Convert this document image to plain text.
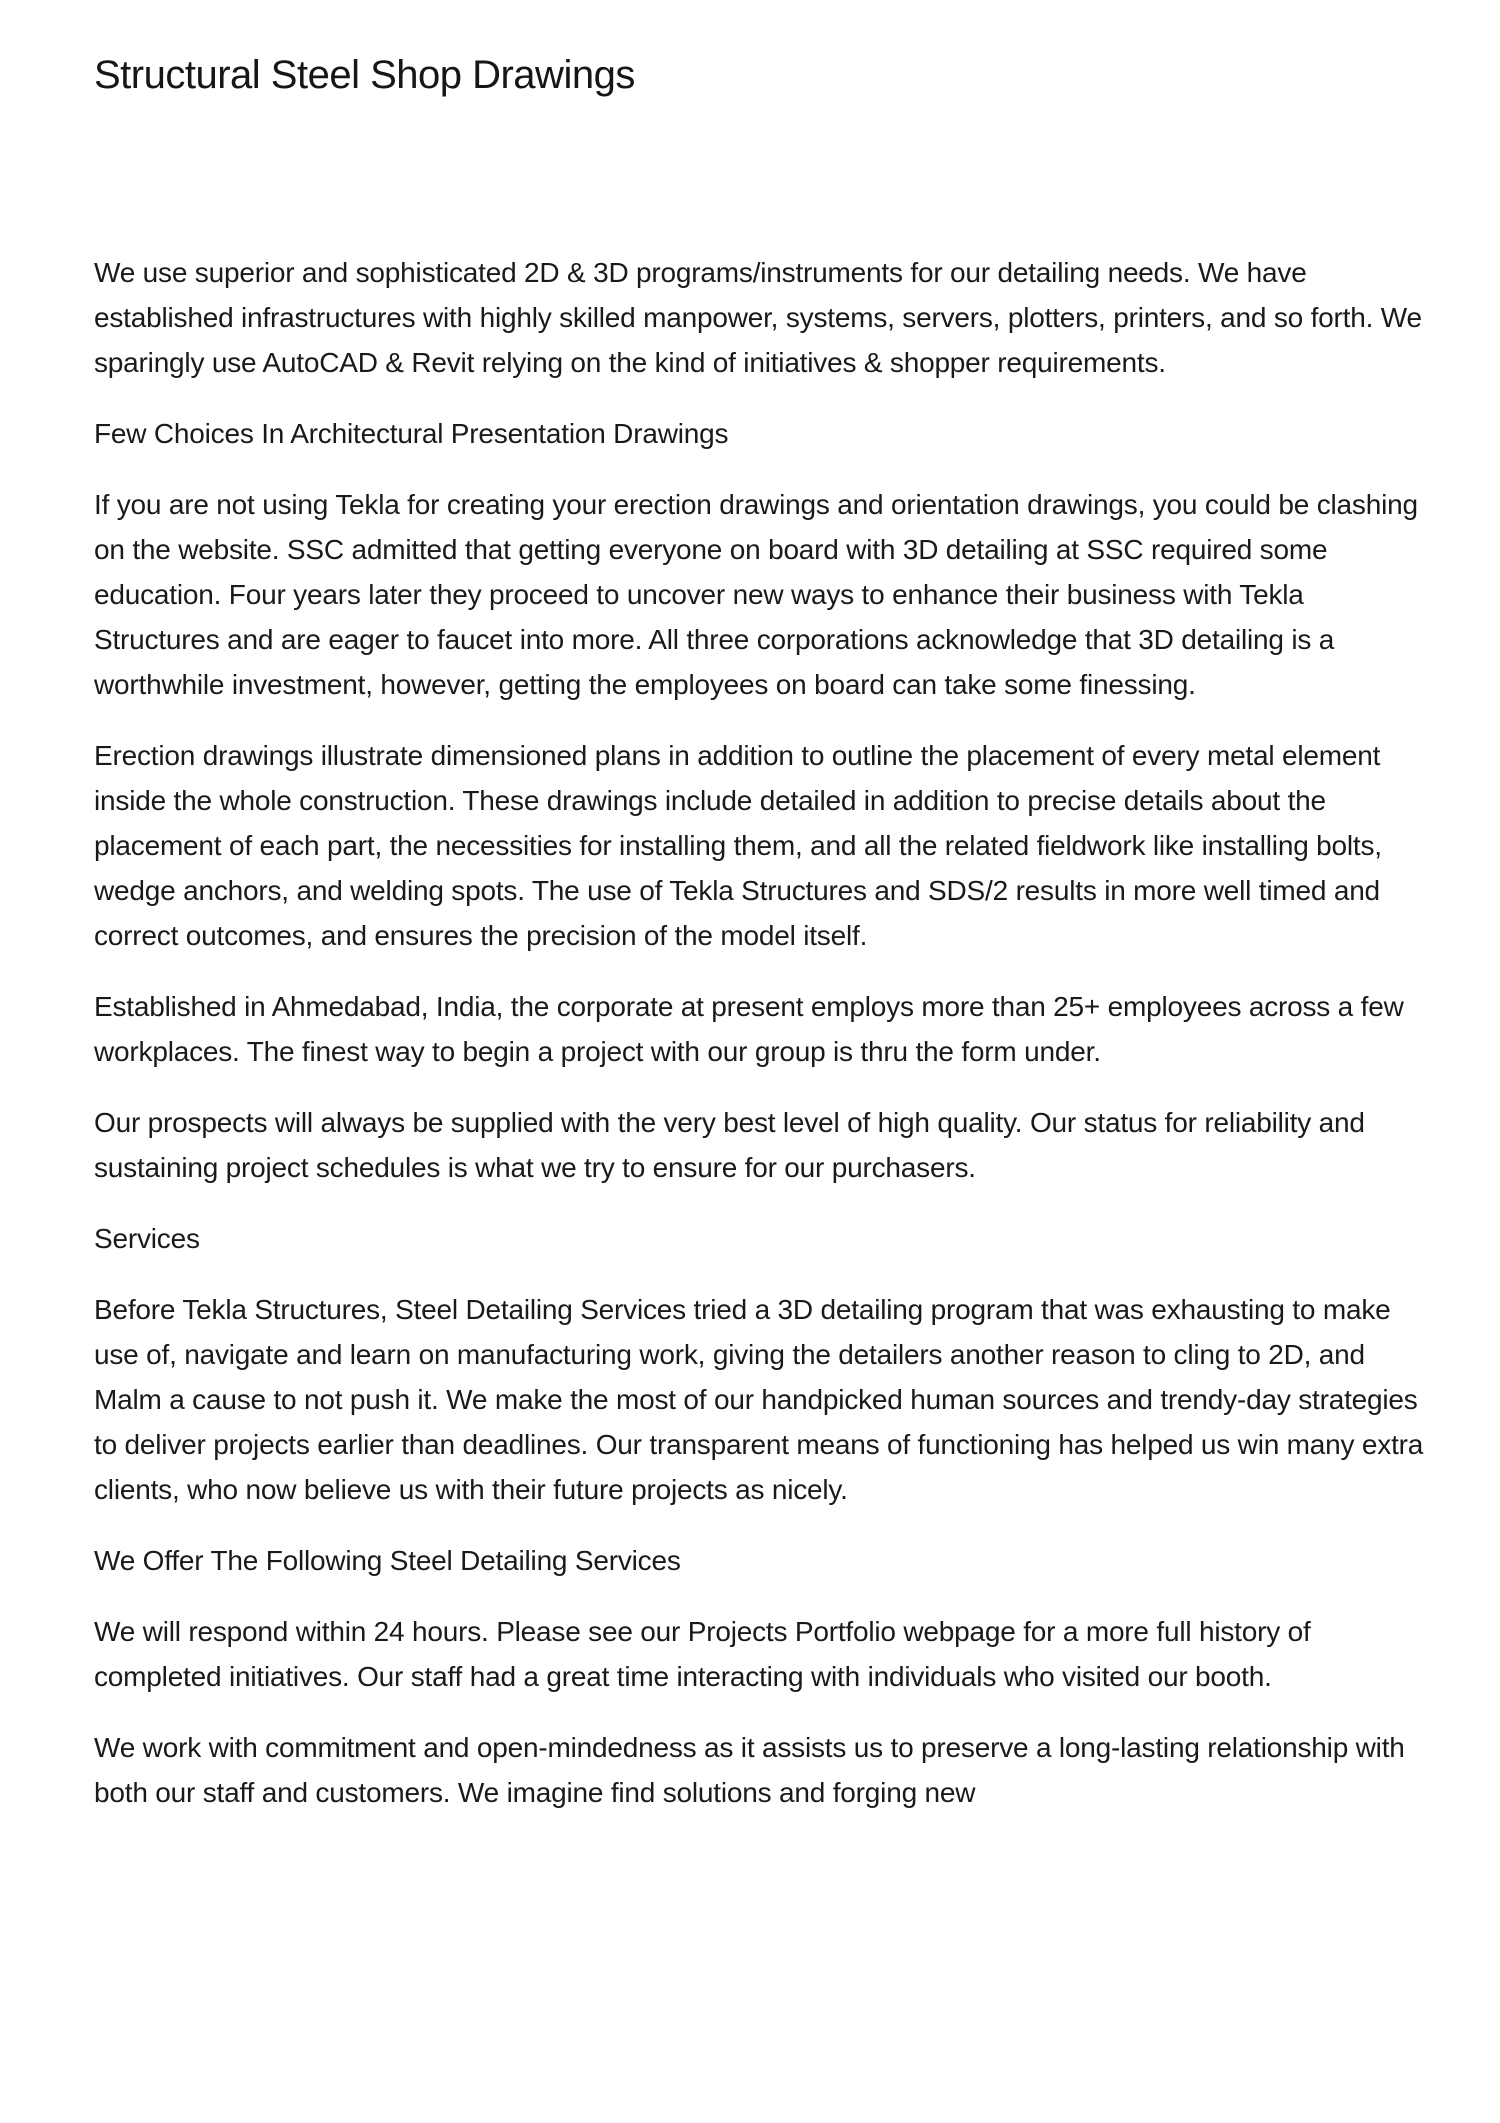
Structural Steel Shop Drawings

We use superior and sophisticated 2D & 3D programs/instruments for our detailing needs. We have established infrastructures with highly skilled manpower, systems, servers, plotters, printers, and so forth. We sparingly use AutoCAD & Revit relying on the kind of initiatives & shopper requirements.

Few Choices In Architectural Presentation Drawings

If you are not using Tekla for creating your erection drawings and orientation drawings, you could be clashing on the website. SSC admitted that getting everyone on board with 3D detailing at SSC required some education. Four years later they proceed to uncover new ways to enhance their business with Tekla Structures and are eager to faucet into more. All three corporations acknowledge that 3D detailing is a worthwhile investment, however, getting the employees on board can take some finessing.

Erection drawings illustrate dimensioned plans in addition to outline the placement of every metal element inside the whole construction. These drawings include detailed in addition to precise details about the placement of each part, the necessities for installing them, and all the related fieldwork like installing bolts, wedge anchors, and welding spots. The use of Tekla Structures and SDS/2 results in more well timed and correct outcomes, and ensures the precision of the model itself.

Established in Ahmedabad, India, the corporate at present employs more than 25+ employees across a few workplaces. The finest way to begin a project with our group is thru the form under.

Our prospects will always be supplied with the very best level of high quality. Our status for reliability and sustaining project schedules is what we try to ensure for our purchasers.

Services

Before Tekla Structures, Steel Detailing Services tried a 3D detailing program that was exhausting to make use of, navigate and learn on manufacturing work, giving the detailers another reason to cling to 2D, and Malm a cause to not push it. We make the most of our handpicked human sources and trendy-day strategies to deliver projects earlier than deadlines. Our transparent means of functioning has helped us win many extra clients, who now believe us with their future projects as nicely.

We Offer The Following Steel Detailing Services

We will respond within 24 hours. Please see our Projects Portfolio webpage for a more full history of completed initiatives. Our staff had a great time interacting with individuals who visited our booth.

We work with commitment and open-mindedness as it assists us to preserve a long-lasting relationship with both our staff and customers. We imagine find solutions and forging new
